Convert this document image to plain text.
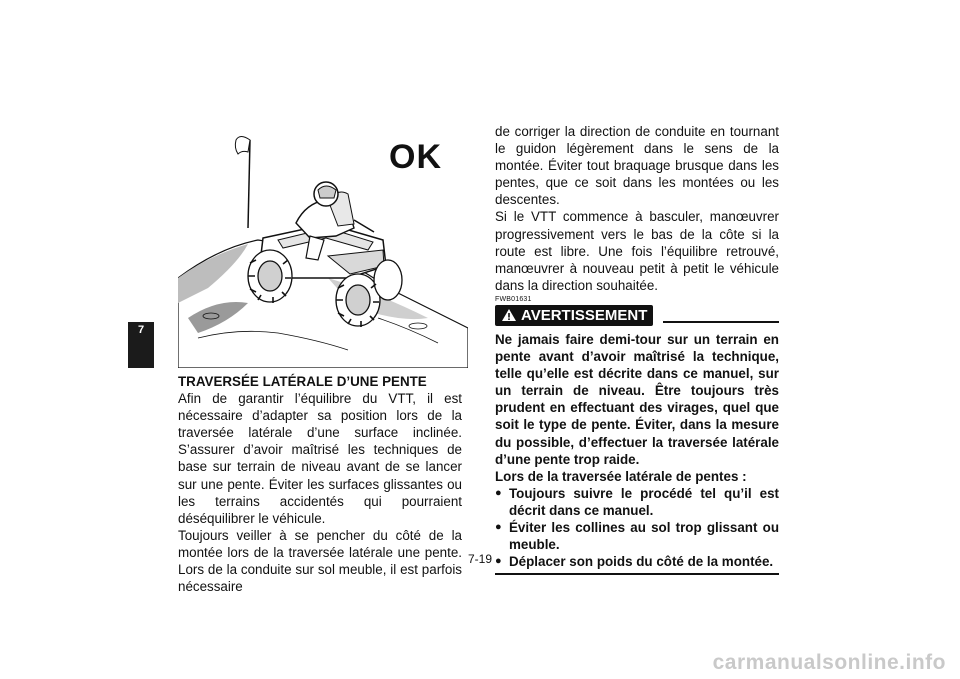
7
OK

TRAVERSÉE LATÉRALE D’UNE PENTE

Afin de garantir l’équilibre du VTT, il est nécessaire d’adapter sa position lors de la traversée latérale d’une surface inclinée. S’assurer d’avoir maîtrisé les techniques de base sur terrain de niveau avant de se lancer sur une pente. Éviter les surfaces glissantes ou les terrains accidentés qui pourraient déséquilibrer le véhicule.

Toujours veiller à se pencher du côté de la montée lors de la traversée latérale une pente. Lors de la conduite sur sol meuble, il est parfois nécessaire

de corriger la direction de conduite en tournant le guidon légèrement dans le sens de la montée. Éviter tout braquage brusque dans les pentes, que ce soit dans les montées ou les descentes.

Si le VTT commence à basculer, manœuvrer progressivement vers le bas de la côte si la route est libre. Une fois l’équilibre retrouvé, manœuvrer à nouveau petit à petit le véhicule dans la direction souhaitée.

FWB01631
AVERTISSEMENT

Ne jamais faire demi-tour sur un terrain en pente avant d’avoir maîtrisé la technique, telle qu’elle est décrite dans ce manuel, sur un terrain de niveau. Être toujours très prudent en effectuant des virages, quel que soit le type de pente. Éviter, dans la mesure du possible, d’effectuer la traversée latérale d’une pente trop raide.

Lors de la traversée latérale de pentes :

● Toujours suivre le procédé tel qu’il est décrit dans ce manuel.
● Éviter les collines au sol trop glissant ou meuble.
● Déplacer son poids du côté de la montée.
7-19
carmanualsonline.info
